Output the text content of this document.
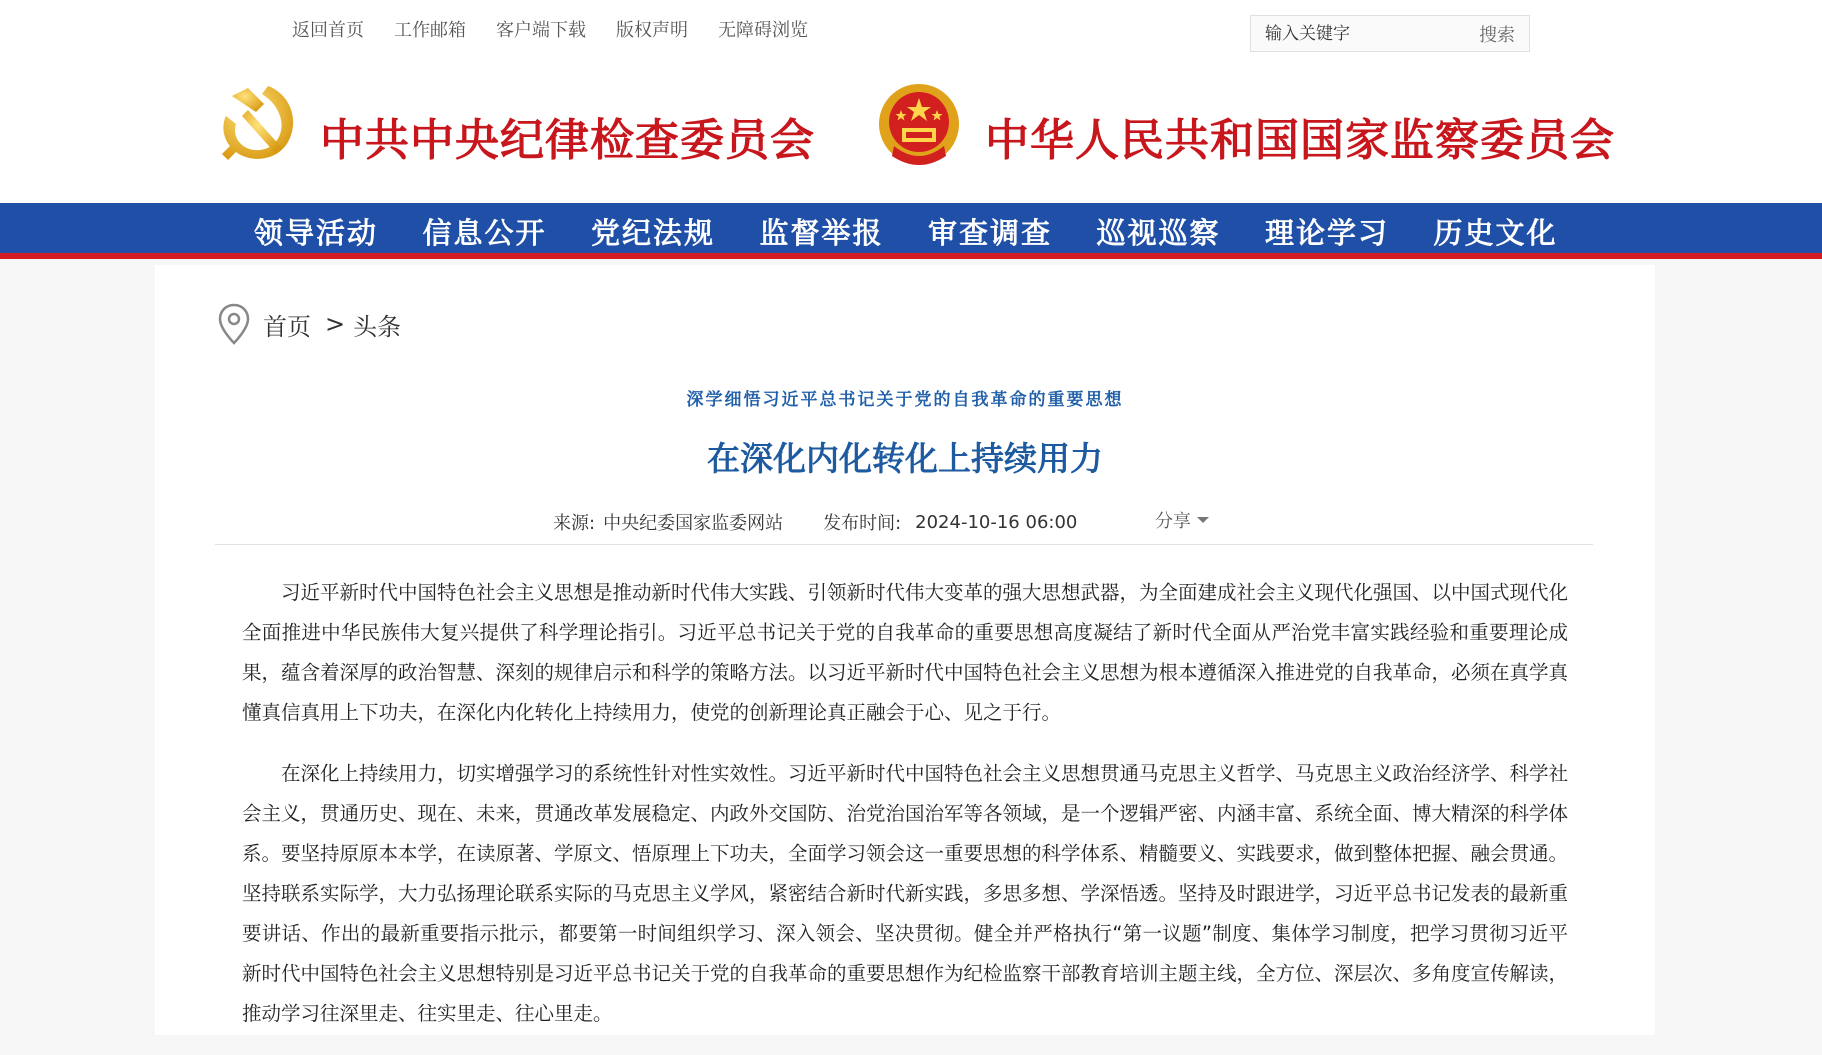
返回首页 工作邮箱 客户端下载 版权声明 无障碍浏览
输入关键字	搜索
中共中央纪律检查委员会	中华人民共和国国家监察委员会
领导活动	信息公开	党纪法规	监督举报	审查调查	巡视巡察	理论学习	历史文化
首页 > 头条
深学细悟习近平总书记关于党的自我革命的重要思想
在深化内化转化上持续用力
来源: 中央纪委国家监委网站 发布时间: 2024-10-16 06:00	分享

习近平新时代中国特色社会主义思想是推动新时代伟大实践、引领新时代伟大变革的强大思想武器，为全面建成社会主义现代化强国、以中国式现代化全面推进中华民族伟大复兴提供了科学理论指引。习近平总书记关于党的自我革命的重要思想高度凝结了新时代全面从严治党丰富实践经验和重要理论成果，蕴含着深厚的政治智慧、深刻的规律启示和科学的策略方法。以习近平新时代中国特色社会主义思想为根本遵循深入推进党的自我革命，必须在真学真懂真信真用上下功夫，在深化内化转化上持续用力，使党的创新理论真正融会于心、见之于行。

在深化上持续用力，切实增强学习的系统性针对性实效性。习近平新时代中国特色社会主义思想贯通马克思主义哲学、马克思主义政治经济学、科学社会主义，贯通历史、现在、未来，贯通改革发展稳定、内政外交国防、治党治国治军等各领域，是一个逻辑严密、内涵丰富、系统全面、博大精深的科学体系。要坚持原原本本学，在读原著、学原文、悟原理上下功夫，全面学习领会这一重要思想的科学体系、精髓要义、实践要求，做到整体把握、融会贯通。坚持联系实际学，大力弘扬理论联系实际的马克思主义学风，紧密结合新时代新实践，多思多想、学深悟透。坚持及时跟进学，习近平总书记发表的最新重要讲话、作出的最新重要指示批示，都要第一时间组织学习、深入领会、坚决贯彻。健全并严格执行“第一议题”制度、集体学习制度，把学习贯彻习近平新时代中国特色社会主义思想特别是习近平总书记关于党的自我革命的重要思想作为纪检监察干部教育培训主题主线，全方位、深层次、多角度宣传解读，推动学习往深里走、往实里走、往心里走。
